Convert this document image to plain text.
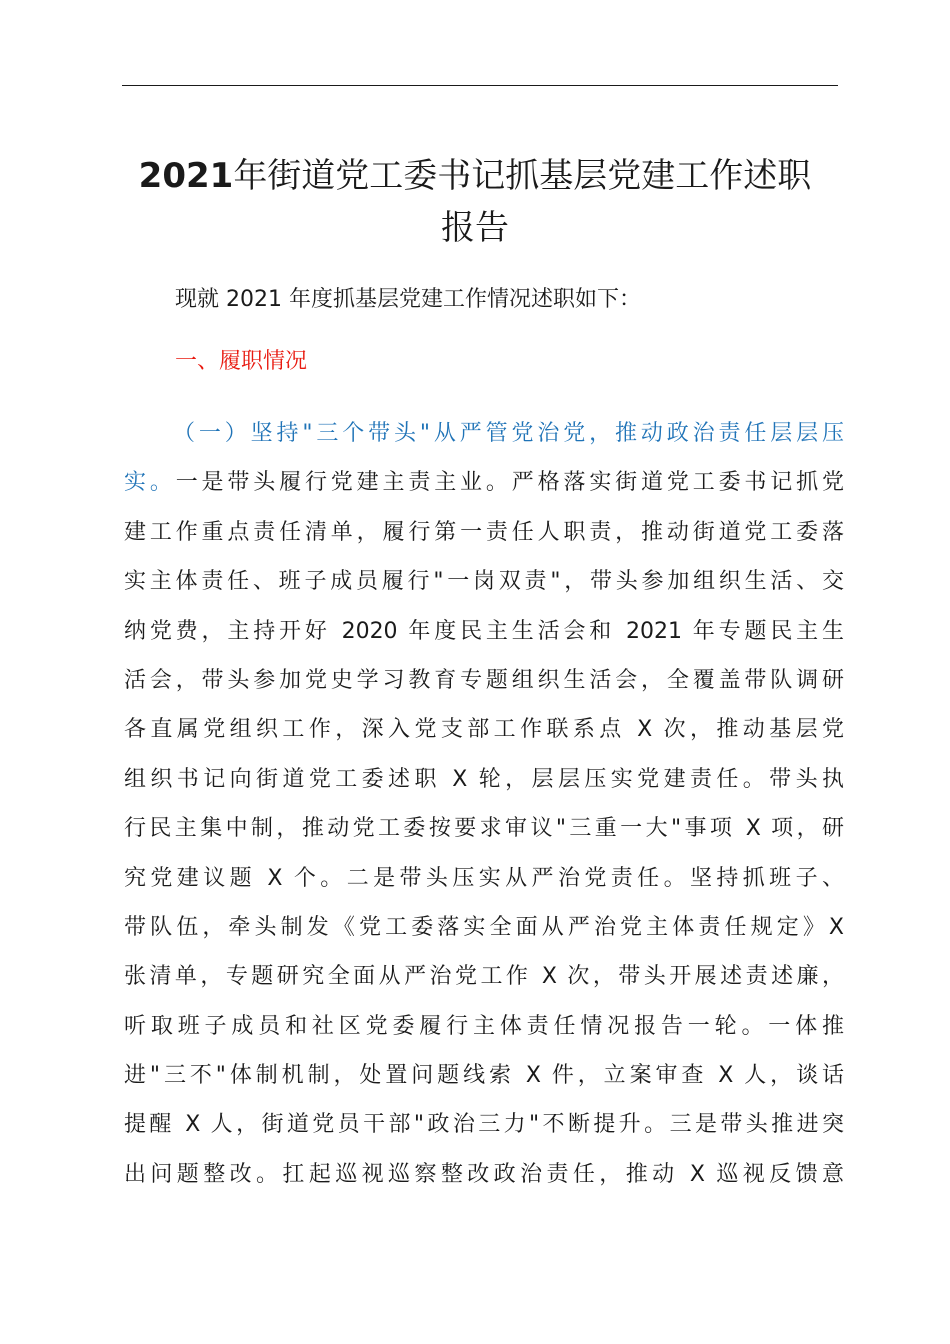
2021年街道党工委书记抓基层党建工作述职
报告

现就 2021 年度抓基层党建工作情况述职如下：

一、履职情况
（一）坚持"三个带头"从严管党治党，推动政治责任层层压
实。一是带头履行党建主责主业。严格落实街道党工委书记抓党
建工作重点责任清单，履行第一责任人职责，推动街道党工委落
实主体责任、班子成员履行"一岗双责"，带头参加组织生活、交
纳党费，主持开好 2020 年度民主生活会和 2021 年专题民主生
活会，带头参加党史学习教育专题组织生活会，全覆盖带队调研
各直属党组织工作，深入党支部工作联系点 X 次，推动基层党
组织书记向街道党工委述职 X 轮，层层压实党建责任。带头执
行民主集中制，推动党工委按要求审议"三重一大"事项 X 项，研
究党建议题 X 个。二是带头压实从严治党责任。坚持抓班子、
带队伍，牵头制发《党工委落实全面从严治党主体责任规定》X
张清单，专题研究全面从严治党工作 X 次，带头开展述责述廉，
听取班子成员和社区党委履行主体责任情况报告一轮。一体推
进"三不"体制机制，处置问题线索 X 件，立案审查 X 人，谈话
提醒 X 人，街道党员干部"政治三力"不断提升。三是带头推进突
出问题整改。扛起巡视巡察整改政治责任，推动 X 巡视反馈意
